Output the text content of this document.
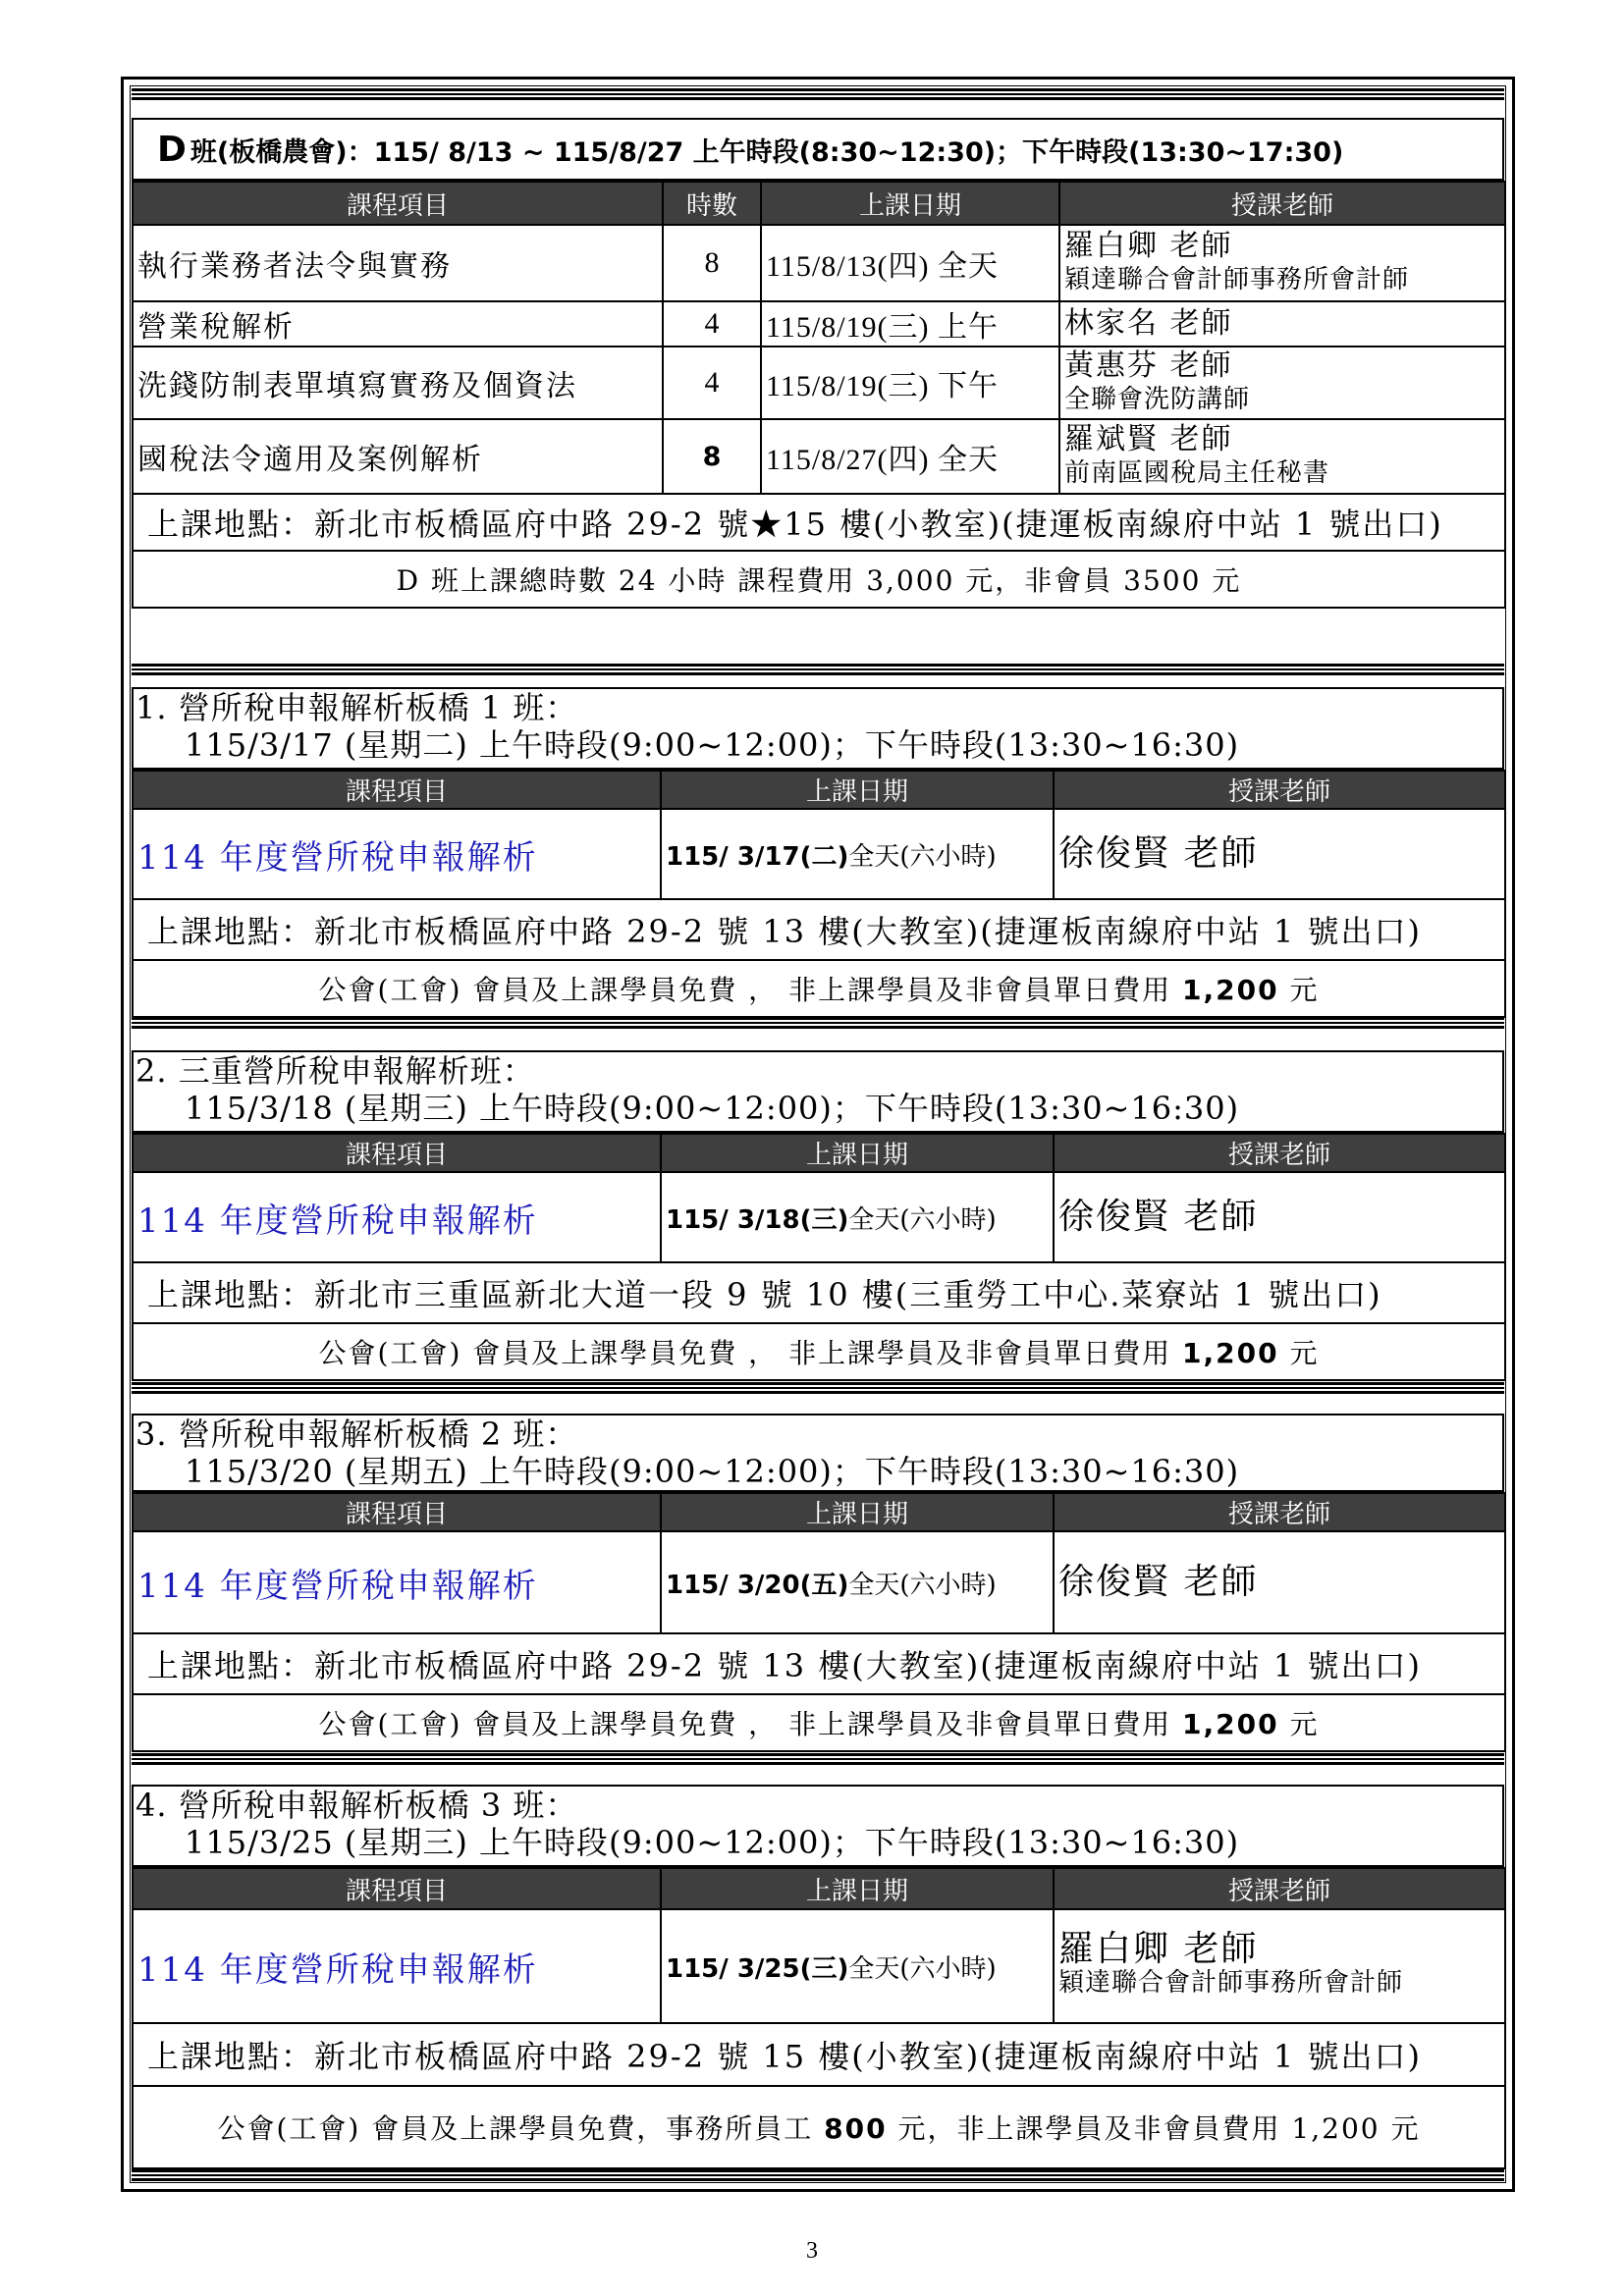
D 班(板橋農會) ：115/ 8/13 ~ 115/8/27 上午時段(8:30~12:30)；下午時段(13:30~17:30)
課程項目	時數	上課日期	授課老師
執行業務者法令與實務	8	115/8/13(四) 全天	羅白卿 老師
穎達聯合會計師事務所會計師

營業稅解析	4	115/8/19(三) 上午	林家名 老師
洗錢防制表單填寫實務及個資法	4	115/8/19(三) 下午	黃惠芬 老師
全聯會洗防講師

國稅法令適用及案例解析	8	115/8/27(四) 全天	羅斌賢 老師
前南區國稅局主任秘書

上課地點：新北市板橋區府中路 29-2 號★15 樓(小教室)(捷運板南線府中站 1 號出口)			
D 班上課總時數 24 小時 課程費用 3,000 元，非會員 3500 元			
1. 營所稅申報解析板橋 1 班：
115/3/17 (星期二) 上午時段(9:00~12:00)；下午時段(13:30~16:30)
課程項目	上課日期	授課老師
114 年度營所稅申報解析	115/ 3/17(二)全天(六小時)	徐俊賢 老師
上課地點：新北市板橋區府中路 29-2 號 13 樓(大教室)(捷運板南線府中站 1 號出口)		
公會(工會) 會員及上課學員免費 ， 非上課學員及非會員單日費用 1,200 元		
2. 三重營所稅申報解析班：
115/3/18 (星期三) 上午時段(9:00~12:00)；下午時段(13:30~16:30)
課程項目	上課日期	授課老師
114 年度營所稅申報解析	115/ 3/18(三)全天(六小時)	徐俊賢 老師
上課地點：新北市三重區新北大道一段 9 號 10 樓(三重勞工中心.菜寮站 1 號出口)		
公會(工會) 會員及上課學員免費 ， 非上課學員及非會員單日費用 1,200 元		
3. 營所稅申報解析板橋 2 班：
115/3/20 (星期五) 上午時段(9:00~12:00)；下午時段(13:30~16:30)
課程項目	上課日期	授課老師
114 年度營所稅申報解析	115/ 3/20(五)全天(六小時)	徐俊賢 老師
上課地點：新北市板橋區府中路 29-2 號 13 樓(大教室)(捷運板南線府中站 1 號出口)		
公會(工會) 會員及上課學員免費 ， 非上課學員及非會員單日費用 1,200 元		
4. 營所稅申報解析板橋 3 班：
115/3/25 (星期三) 上午時段(9:00~12:00)；下午時段(13:30~16:30)
課程項目	上課日期	授課老師
114 年度營所稅申報解析	115/ 3/25(三)全天(六小時)	羅白卿 老師
穎達聯合會計師事務所會計師

上課地點：新北市板橋區府中路 29-2 號 15 樓(小教室)(捷運板南線府中站 1 號出口)		
公會(工會) 會員及上課學員免費，事務所員工 800 元，非上課學員及非會員費用 1,200 元		
3
